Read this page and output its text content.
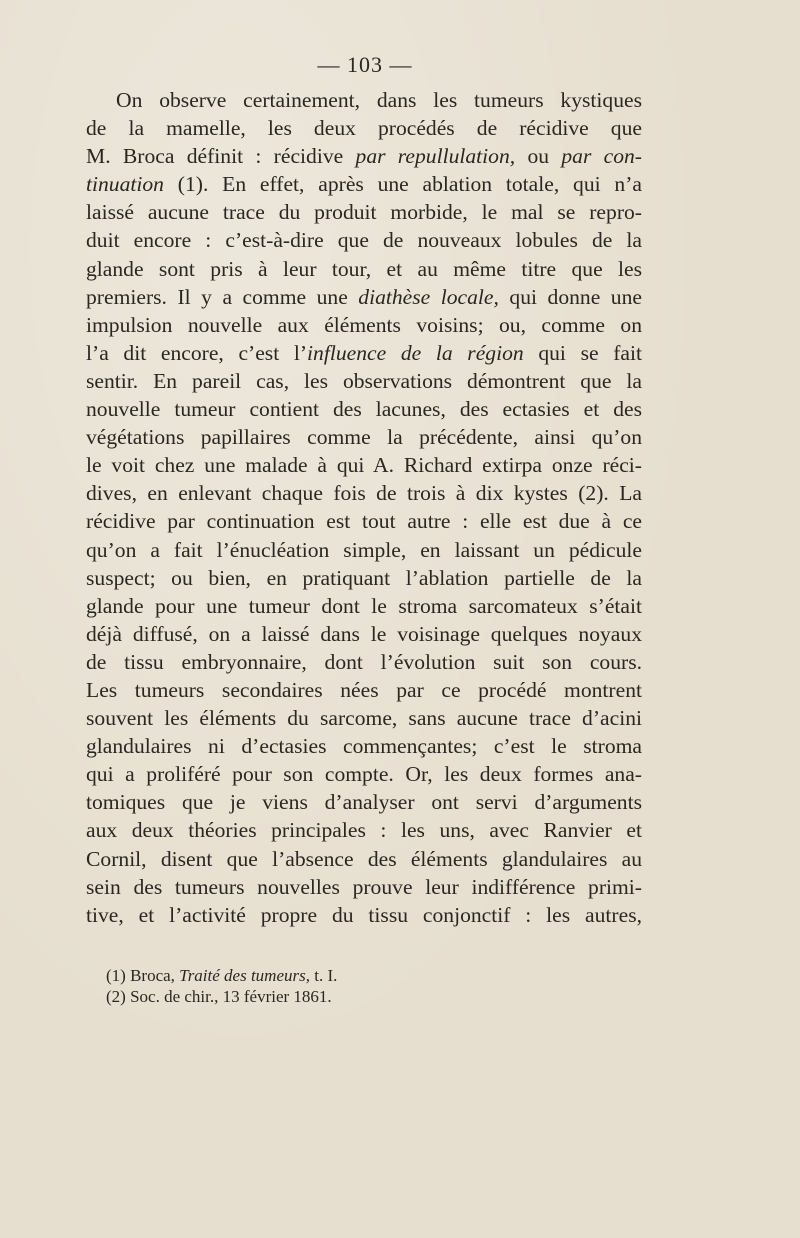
— 103 —
On observe certainement, dans les tumeurs kystiques
de la mamelle, les deux procédés de récidive que
M. Broca définit : récidive par repullulation, ou par con-
tinuation (1). En effet, après une ablation totale, qui n’a
laissé aucune trace du produit morbide, le mal se repro-
duit encore : c’est-à-dire que de nouveaux lobules de la
glande sont pris à leur tour, et au même titre que les
premiers. Il y a comme une diathèse locale, qui donne une
impulsion nouvelle aux éléments voisins; ou, comme on
l’a dit encore, c’est l’influence de la région qui se fait
sentir. En pareil cas, les observations démontrent que la
nouvelle tumeur contient des lacunes, des ectasies et des
végétations papillaires comme la précédente, ainsi qu’on
le voit chez une malade à qui A. Richard extirpa onze réci-
dives, en enlevant chaque fois de trois à dix kystes (2). La
récidive par continuation est tout autre : elle est due à ce
qu’on a fait l’énucléation simple, en laissant un pédicule
suspect; ou bien, en pratiquant l’ablation partielle de la
glande pour une tumeur dont le stroma sarcomateux s’était
déjà diffusé, on a laissé dans le voisinage quelques noyaux
de tissu embryonnaire, dont l’évolution suit son cours.
Les tumeurs secondaires nées par ce procédé montrent
souvent les éléments du sarcome, sans aucune trace d’acini
glandulaires ni d’ectasies commençantes; c’est le stroma
qui a proliféré pour son compte. Or, les deux formes ana-
tomiques que je viens d’analyser ont servi d’arguments
aux deux théories principales : les uns, avec Ranvier et
Cornil, disent que l’absence des éléments glandulaires au
sein des tumeurs nouvelles prouve leur indifférence primi-
tive, et l’activité propre du tissu conjonctif : les autres,
(1) Broca, Traité des tumeurs, t. I.
(2) Soc. de chir., 13 février 1861.
